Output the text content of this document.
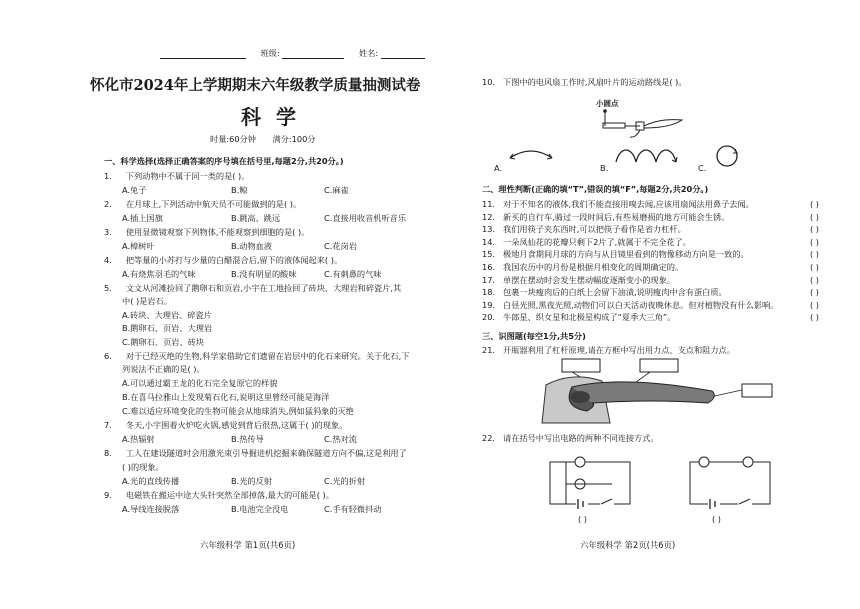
班级:	姓名:
怀化市2024年上学期期末六年级教学质量抽测试卷
科 学
时量:60分钟 满分:100分
一、科学选择(选择正确答案的序号填在括号里,每题2分,共20分。)
1. 下列动物中不属于同一类的是( )。
A.兔子	B.鲸	C.麻雀
2. 在月球上,下列活动中航天员不可能做到的是( )。
A.插上国旗	B.跳高、跳远	C.直接用收音机听音乐
3. 使用显微镜观察下列物体,不能观察到细胞的是( )。
A.樟树叶	B.动物血液	C.花岗岩
4. 把等量的小苏打与少量的白醋混合后,留下的液体闻起来( )。
A.有烧焦羽毛的气味	B.没有明显的酸味	C.有刺鼻的气味
5. 文文从河滩捡回了鹅卵石和页岩,小宇在工地捡回了砖块、大理岩和碎瓷片,其
中( )是岩石。
A.砖块、大理岩、碎瓷片
B.鹅卵石、页岩、大理岩
C.鹅卵石、页岩、砖块
6. 对于已经灭绝的生物,科学家借助它们遗留在岩层中的化石来研究。关于化石,下
列说法不正确的是( )。
A.可以通过霸王龙的化石完全复原它的样貌
B.在喜马拉雅山上发现菊石化石,说明这里曾经可能是海洋
C.难以适应环境变化的生物可能会从地球消失,例如猛犸象的灭绝
7. 冬天,小宇围着火炉吃火锅,感觉到背后很热,这属于( )的现象。
A.热辐射	B.热传导	C.热对流
8. 工人在建设隧道时会用激光束引导掘进机挖掘来确保隧道方向不偏,这是利用了
( )的现象。
A.光的直线传播	B.光的反射	C.光的折射
9. 电磁铁在搬运中途大头针突然全部掉落,最大的可能是( )。
A.导线连接脱落	B.电池完全没电	C.手有轻微抖动
六年级科学 第1页(共6页)
10. 下图中的电风扇工作时,风扇叶片的运动路线是( )。
小圆点
A.	B.	C.
二、理性判断(正确的填“T”,错误的填“F”,每题2分,共20分。)
11. 对于不知名的液体,我们不能直接用嗅去闻,应该用扇闻法用鼻子去闻。	( )
12. 新买的自行车,骑过一段时间后,有些易磨损的地方可能会生锈。	( )
13. 我们用筷子夹东西时,可以把筷子看作是省力杠杆。	( )
14. 一朵凤仙花的花瓣只剩下2片了,就属于不完全花了。	( )
15. 极地月食期间月球的方向与从目镜里看到的物像移动方向是一致的。	( )
16. 我国农历中的月份是根据月相变化的周期确定的。	( )
17. 单摆在摆动时会发生摆动幅度逐渐变小的现象。	( )
18. 包裹一块瘦肉后的白纸上会留下油渍,说明瘦肉中含有蛋白质。	( )
19. 白昼光照,黑夜光照,动物们可以白天活动夜晚休息。但对植物没有什么影响。	( )
20. 牛郎星、织女星和北极星构成了“夏季大三角”。	( )
三、识图题(每空1分,共5分)
21. 开瓶器利用了杠杆原理,请在方框中写出用力点、支点和阻力点。
22. 请在括号中写出电路的两种不同连接方式。
( )	( )
六年级科学 第2页(共6页)
